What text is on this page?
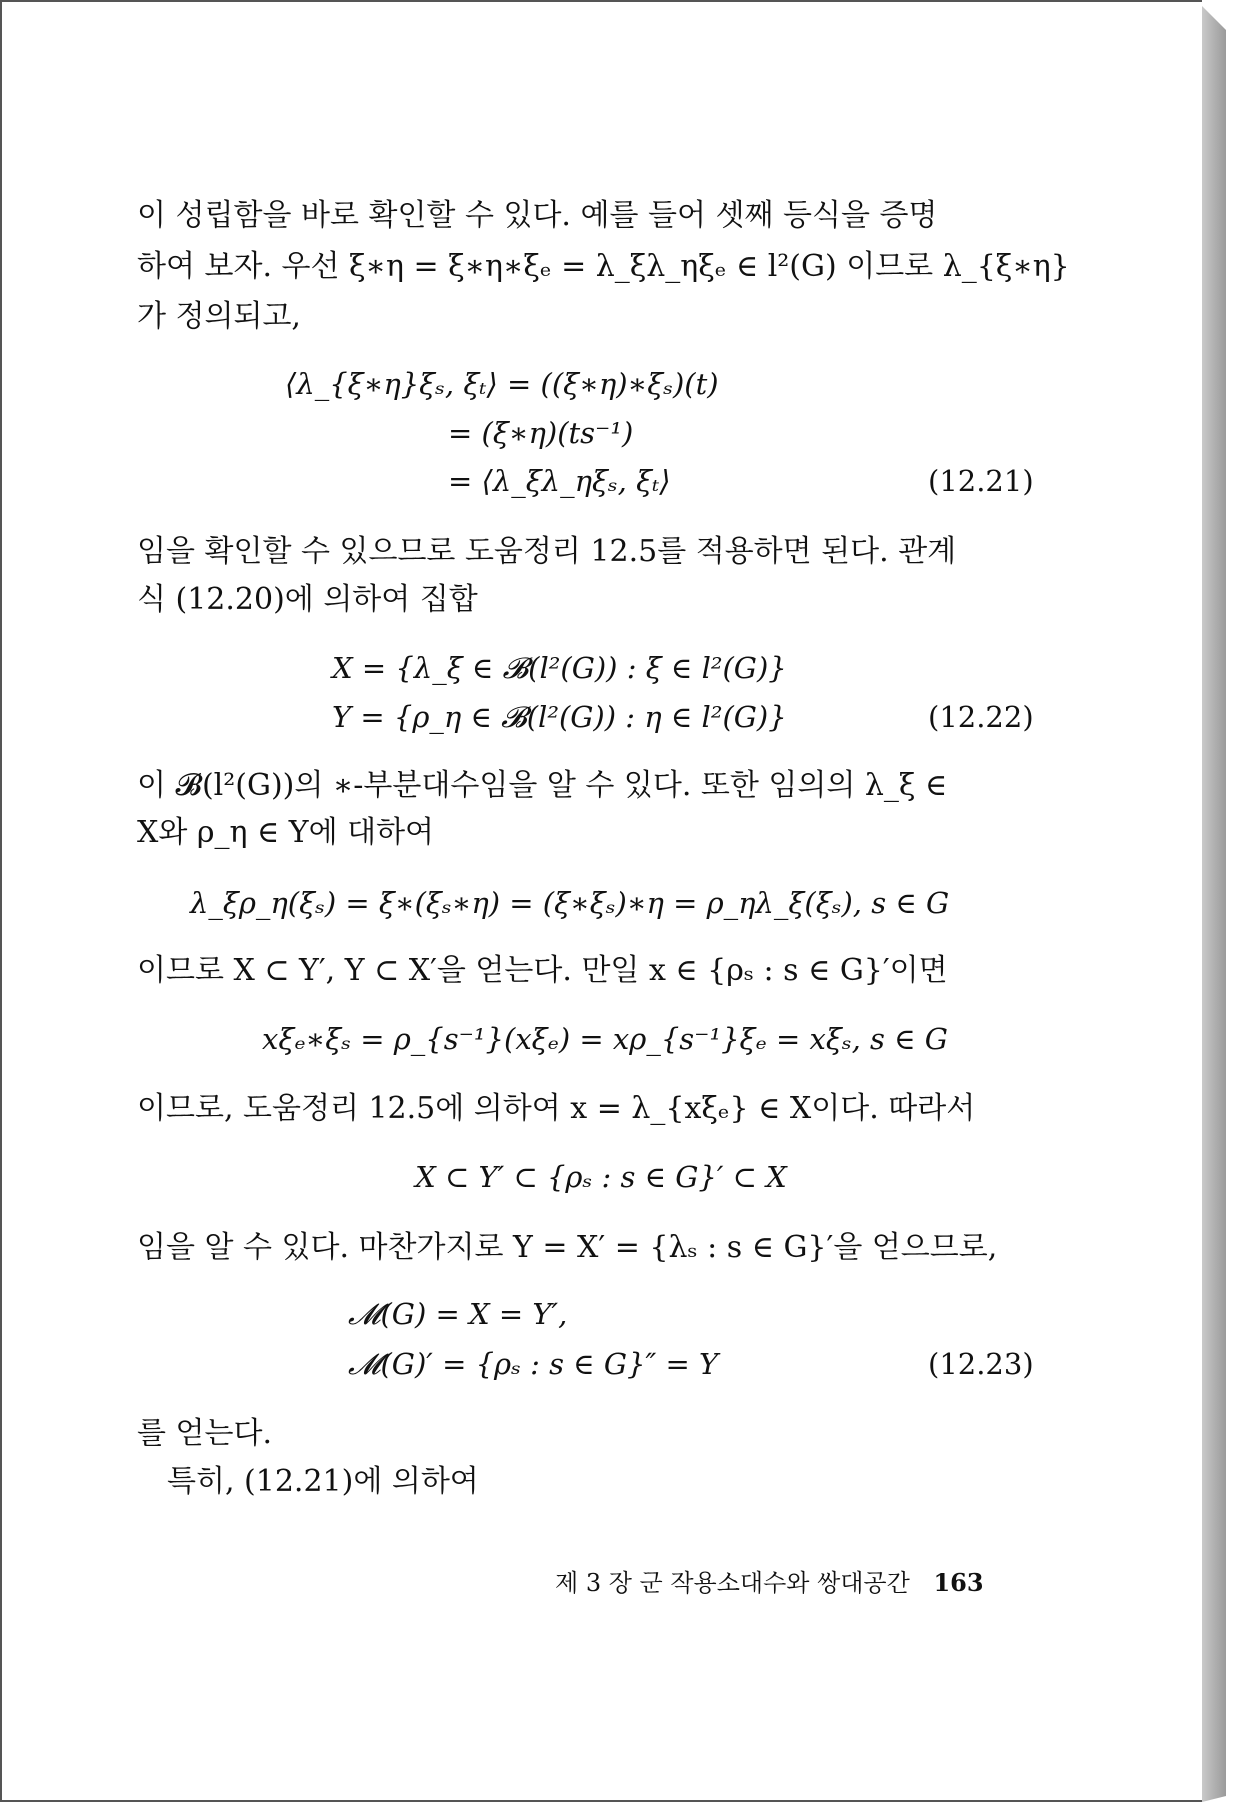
이 성립함을 바로 확인할 수 있다. 예를 들어 셋째 등식을 증명
하여 보자. 우선 ξ∗η = ξ∗η∗ξₑ = λ_ξλ_ηξₑ ∈ l²(G) 이므로 λ_{ξ∗η}
가 정의되고,
⟨λ_{ξ∗η}ξₛ, ξₜ⟩ = ((ξ∗η)∗ξₛ)(t)
= (ξ∗η)(ts⁻¹)
= ⟨λ_ξλ_ηξₛ, ξₜ⟩	(12.21)
임을 확인할 수 있으므로 도움정리 12.5를 적용하면 된다. 관계
식 (12.20)에 의하여 집합
X = {λ_ξ ∈ 𝓑(l²(G)) : ξ ∈ l²(G)}
Y = {ρ_η ∈ 𝓑(l²(G)) : η ∈ l²(G)}	(12.22)
이 𝓑(l²(G))의 ∗-부분대수임을 알 수 있다. 또한 임의의 λ_ξ ∈
X와 ρ_η ∈ Y에 대하여
λ_ξρ_η(ξₛ) = ξ∗(ξₛ∗η) = (ξ∗ξₛ)∗η = ρ_ηλ_ξ(ξₛ), s ∈ G
이므로 X ⊂ Y′, Y ⊂ X′을 얻는다. 만일 x ∈ {ρₛ : s ∈ G}′이면
xξₑ∗ξₛ = ρ_{s⁻¹}(xξₑ) = xρ_{s⁻¹}ξₑ = xξₛ, s ∈ G
이므로, 도움정리 12.5에 의하여 x = λ_{xξₑ} ∈ X이다. 따라서
X ⊂ Y′ ⊂ {ρₛ : s ∈ G}′ ⊂ X
임을 알 수 있다. 마찬가지로 Y = X′ = {λₛ : s ∈ G}′을 얻으므로,
𝓜(G) = X = Y′,
𝓜(G)′ = {ρₛ : s ∈ G}″ = Y	(12.23)
를 얻는다.
특히, (12.21)에 의하여
제 3 장 군 작용소대수와 쌍대공간 163
